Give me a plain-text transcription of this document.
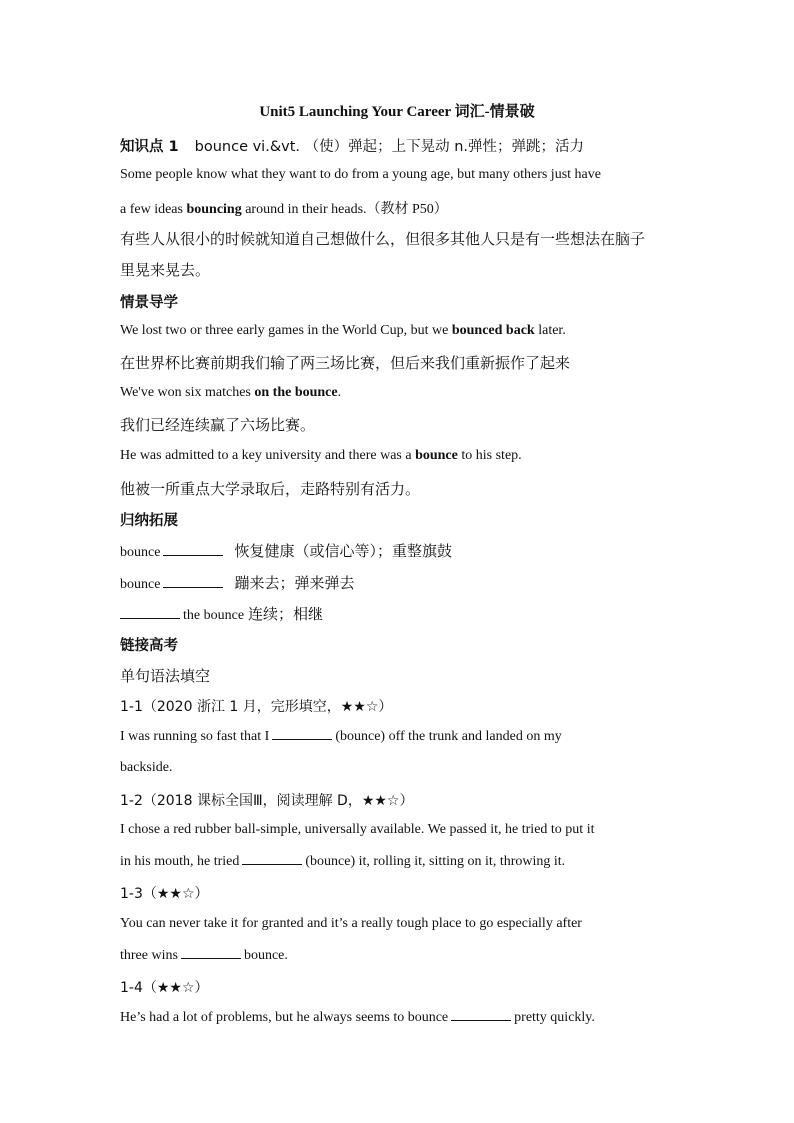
Unit5 Launching Your Career 词汇-情景破
知识点 1 bounce vi.&vt. （使）弹起；上下晃动 n.弹性；弹跳；活力
Some people know what they want to do from a young age, but many others just have
a few ideas bouncing around in their heads.（教材 P50）
有些人从很小的时候就知道自己想做什么，但很多其他人只是有一些想法在脑子
里晃来晃去。
情景导学
We lost two or three early games in the World Cup, but we bounced back later.
在世界杯比赛前期我们输了两三场比赛，但后来我们重新振作了起来
We've won six matches on the bounce.
我们已经连续赢了六场比赛。
He was admitted to a key university and there was a bounce to his step.
他被一所重点大学录取后，走路特别有活力。
归纳拓展
bounce	恢复健康（或信心等）；重整旗鼓
bounce	蹦来去；弹来弹去
the bounce 连续；相继
链接高考
单句语法填空
1-1（2020 浙江 1 月，完形填空，★★☆）
I was running so fast that I	(bounce) off the trunk and landed on my
backside.
1-2（2018 课标全国Ⅲ，阅读理解 D，★★☆）
I chose a red rubber ball-simple, universally available. We passed it, he tried to put it
in his mouth, he tried	(bounce) it, rolling it, sitting on it, throwing it.
1-3（★★☆）
You can never take it for granted and it’s a really tough place to go especially after
three wins	bounce.
1-4（★★☆）
He’s had a lot of problems, but he always seems to bounce	pretty quickly.
